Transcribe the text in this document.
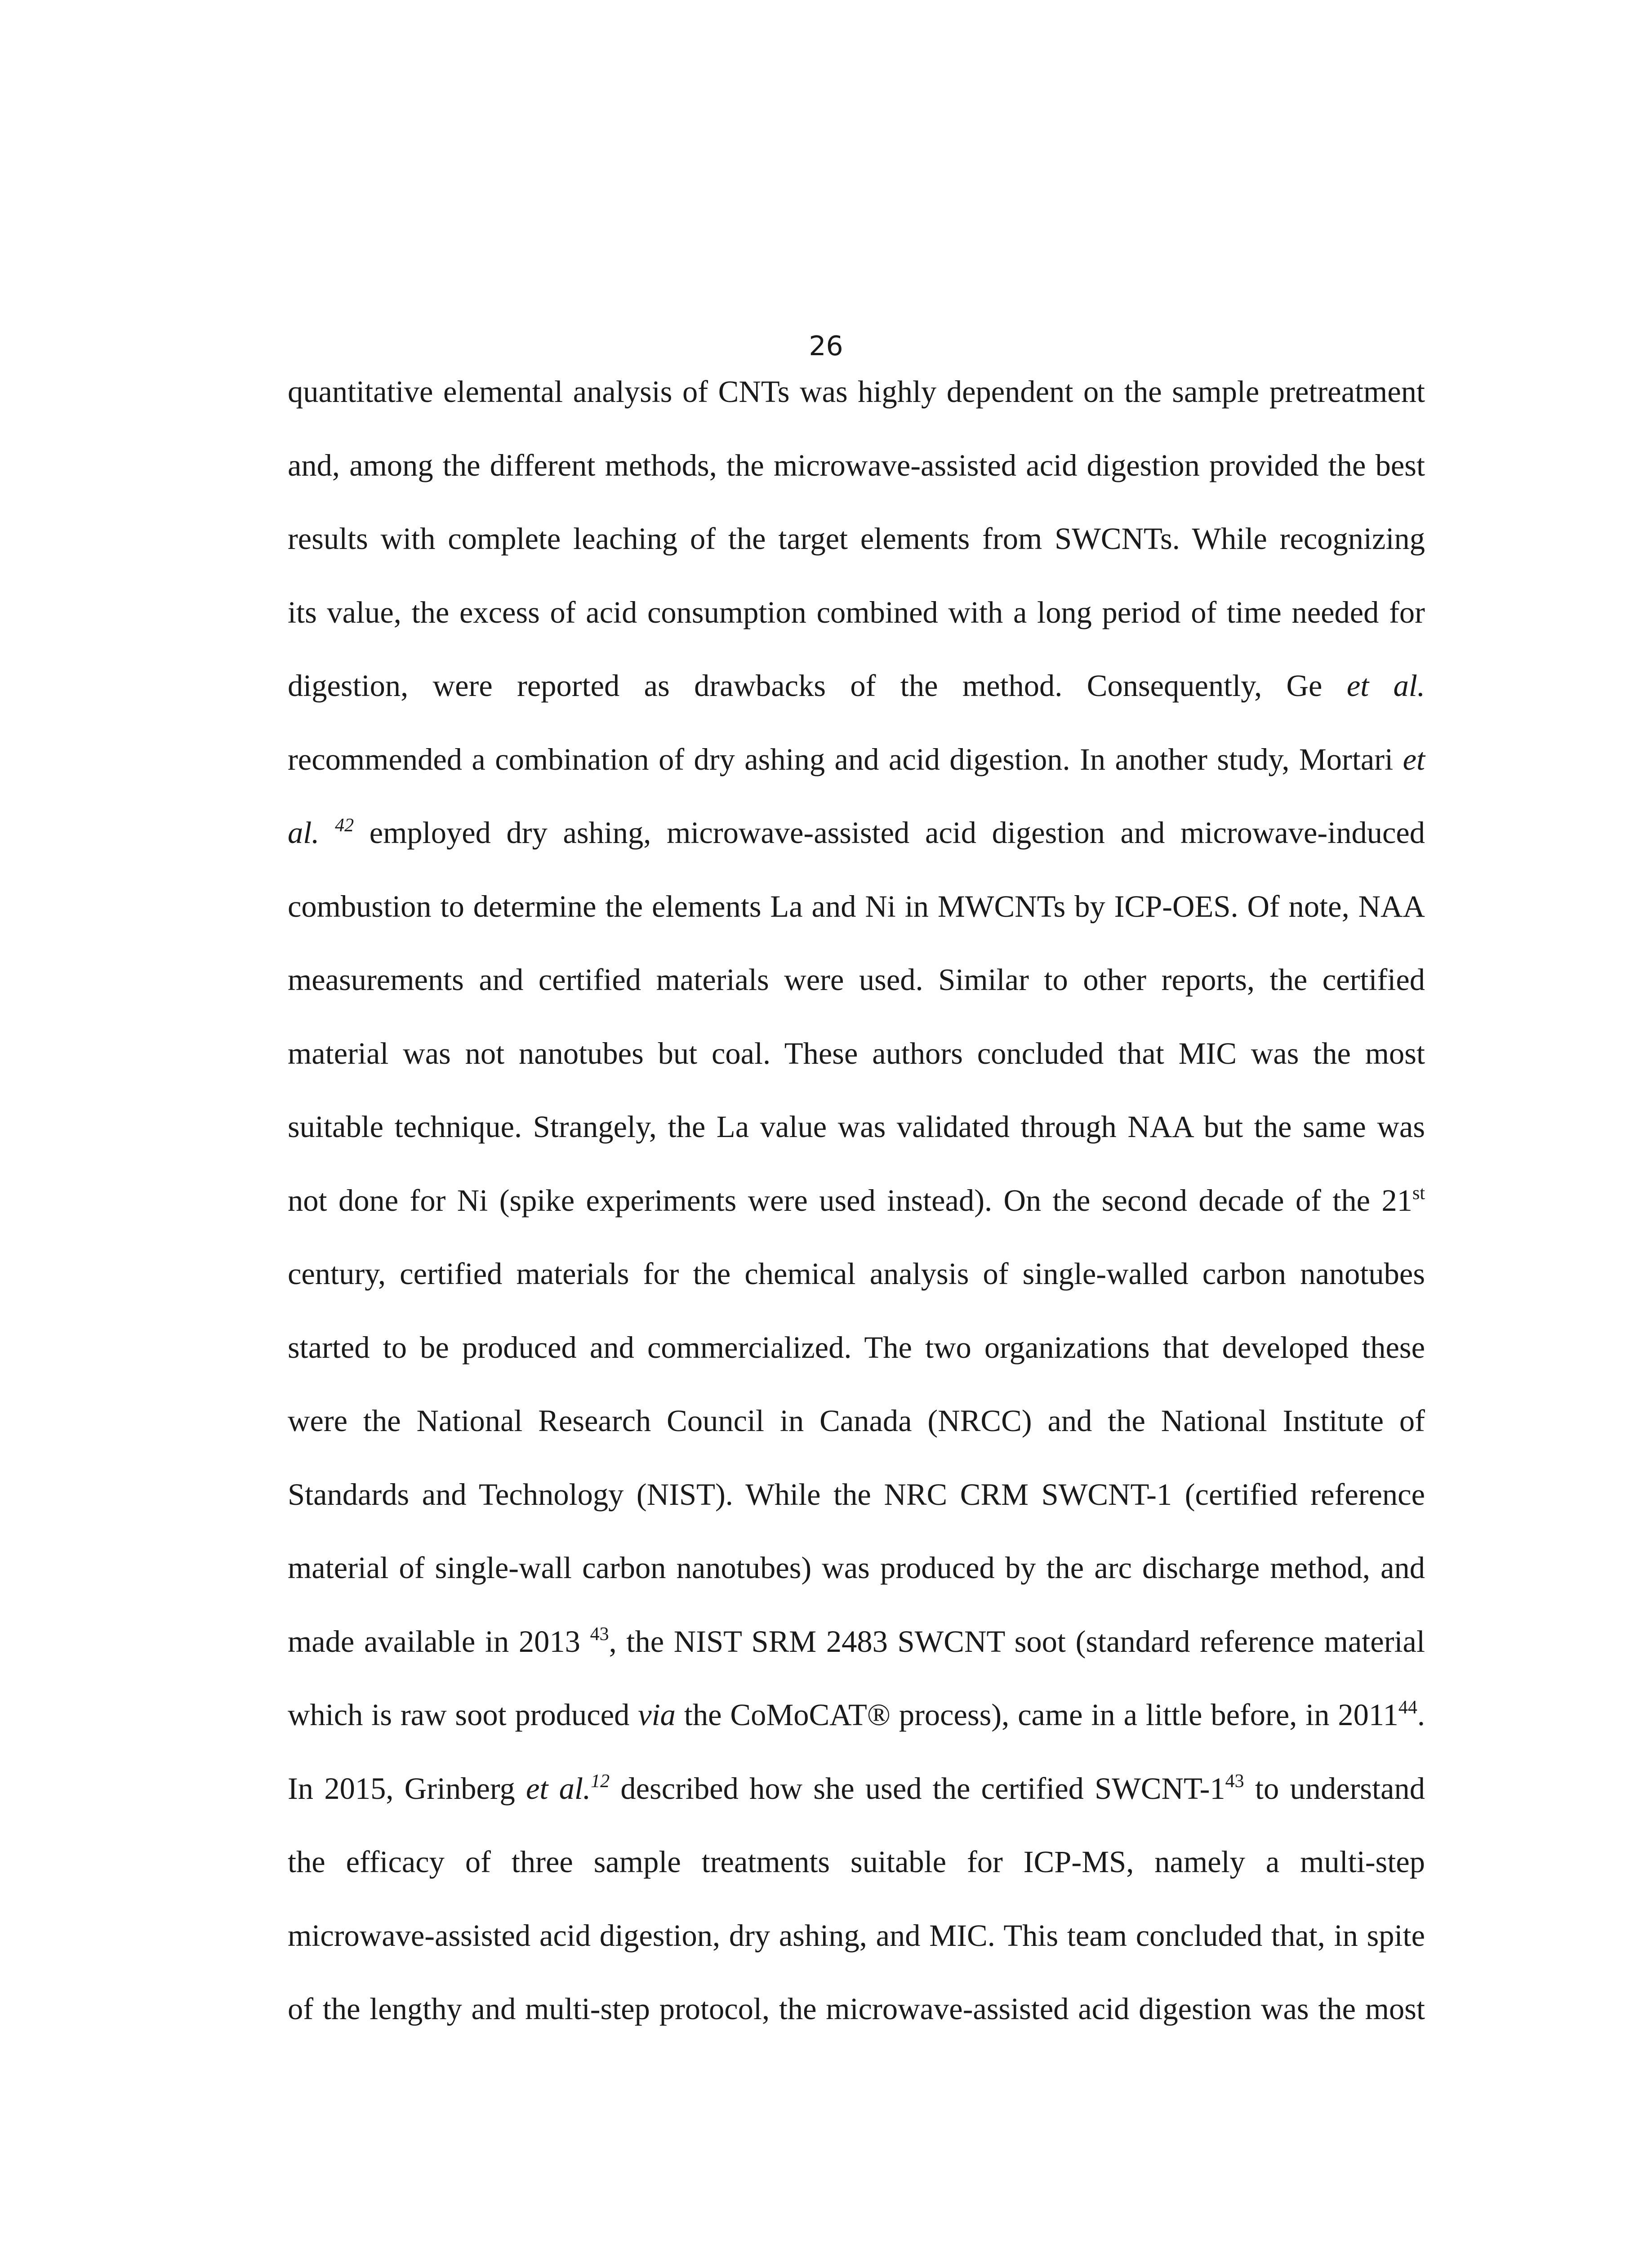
26
quantitative elemental analysis of CNTs was highly dependent on the sample pretreatment
and, among the different methods, the microwave-assisted acid digestion provided the best
results with complete leaching of the target elements from SWCNTs. While recognizing
its value, the excess of acid consumption combined with a long period of time needed for
digestion, were reported as drawbacks of the method. Consequently, Ge et al.
recommended a combination of dry ashing and acid digestion. In another study, Mortari et
al. $^{42}$ employed dry ashing, microwave-assisted acid digestion and microwave-induced
combustion to determine the elements La and Ni in MWCNTs by ICP-OES. Of note, NAA
measurements and certified materials were used. Similar to other reports, the certified
material was not nanotubes but coal. These authors concluded that MIC was the most
suitable technique. Strangely, the La value was validated through NAA but the same was
not done for Ni (spike experiments were used instead). On the second decade of the 21st
century, certified materials for the chemical analysis of single-walled carbon nanotubes
started to be produced and commercialized. The two organizations that developed these
were the National Research Council in Canada (NRCC) and the National Institute of
Standards and Technology (NIST). While the NRC CRM SWCNT-1 (certified reference
material of single-wall carbon nanotubes) was produced by the arc discharge method, and
made available in 2013 $^{43}$, the NIST SRM 2483 SWCNT soot (standard reference material
which is raw soot produced via the CoMoCAT® process), came in a little before, in 2011$^{44}$.
In 2015, Grinberg et al.$^{12}$ described how she used the certified SWCNT-$1^{43}$ to understand
the efficacy of three sample treatments suitable for ICP-MS, namely a multi-step
microwave-assisted acid digestion, dry ashing, and MIC. This team concluded that, in spite
of the lengthy and multi-step protocol, the microwave-assisted acid digestion was the most
